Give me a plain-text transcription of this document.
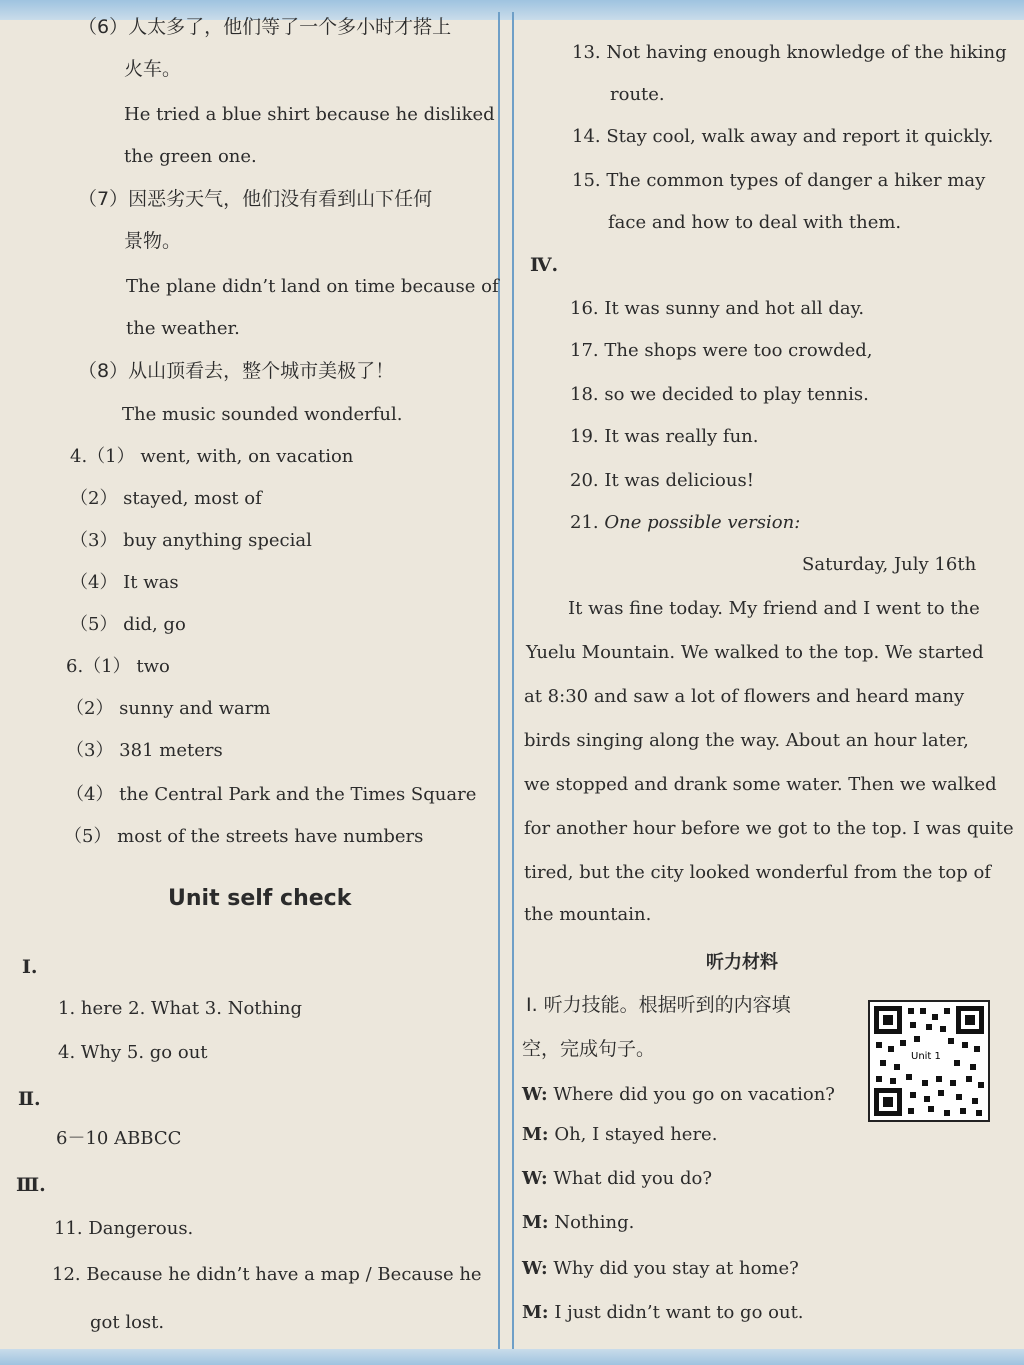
（6）人太多了，他们等了一个多小时才搭上
火车。
He tried a blue shirt because he disliked
the green one.
（7）因恶劣天气，他们没有看到山下任何
景物。
The plane didn’t land on time because of
the weather.
（8）从山顶看去，整个城市美极了！
The music sounded wonderful.
4.（1） went, with, on vacation
（2） stayed, most of
（3） buy anything special
（4） It was
（5） did, go
6.（1） two
（2） sunny and warm
（3） 381 meters
（4） the Central Park and the Times Square
（5） most of the streets have numbers
Unit self check
Ⅰ.
1. here 2. What 3. Nothing
4. Why 5. go out
Ⅱ.
6－10 ABBCC
Ⅲ.
11. Dangerous.
12. Because he didn’t have a map / Because he
got lost.
13. Not having enough knowledge of the hiking
route.
14. Stay cool, walk away and report it quickly.
15. The common types of danger a hiker may
face and how to deal with them.
Ⅳ.
16. It was sunny and hot all day.
17. The shops were too crowded,
18. so we decided to play tennis.
19. It was really fun.
20. It was delicious!
21. One possible version:
Saturday, July 16th
It was fine today. My friend and I went to the
Yuelu Mountain. We walked to the top. We started
at 8:30 and saw a lot of flowers and heard many
birds singing along the way. About an hour later,
we stopped and drank some water. Then we walked
for another hour before we got to the top. I was quite
tired, but the city looked wonderful from the top of
the mountain.
听力材料
Ⅰ. 听力技能。根据听到的内容填
空，完成句子。	Unit 1
W: Where did you go on vacation?
M: Oh, I stayed here.
W: What did you do?
M: Nothing.
W: Why did you stay at home?
M: I just didn’t want to go out.
